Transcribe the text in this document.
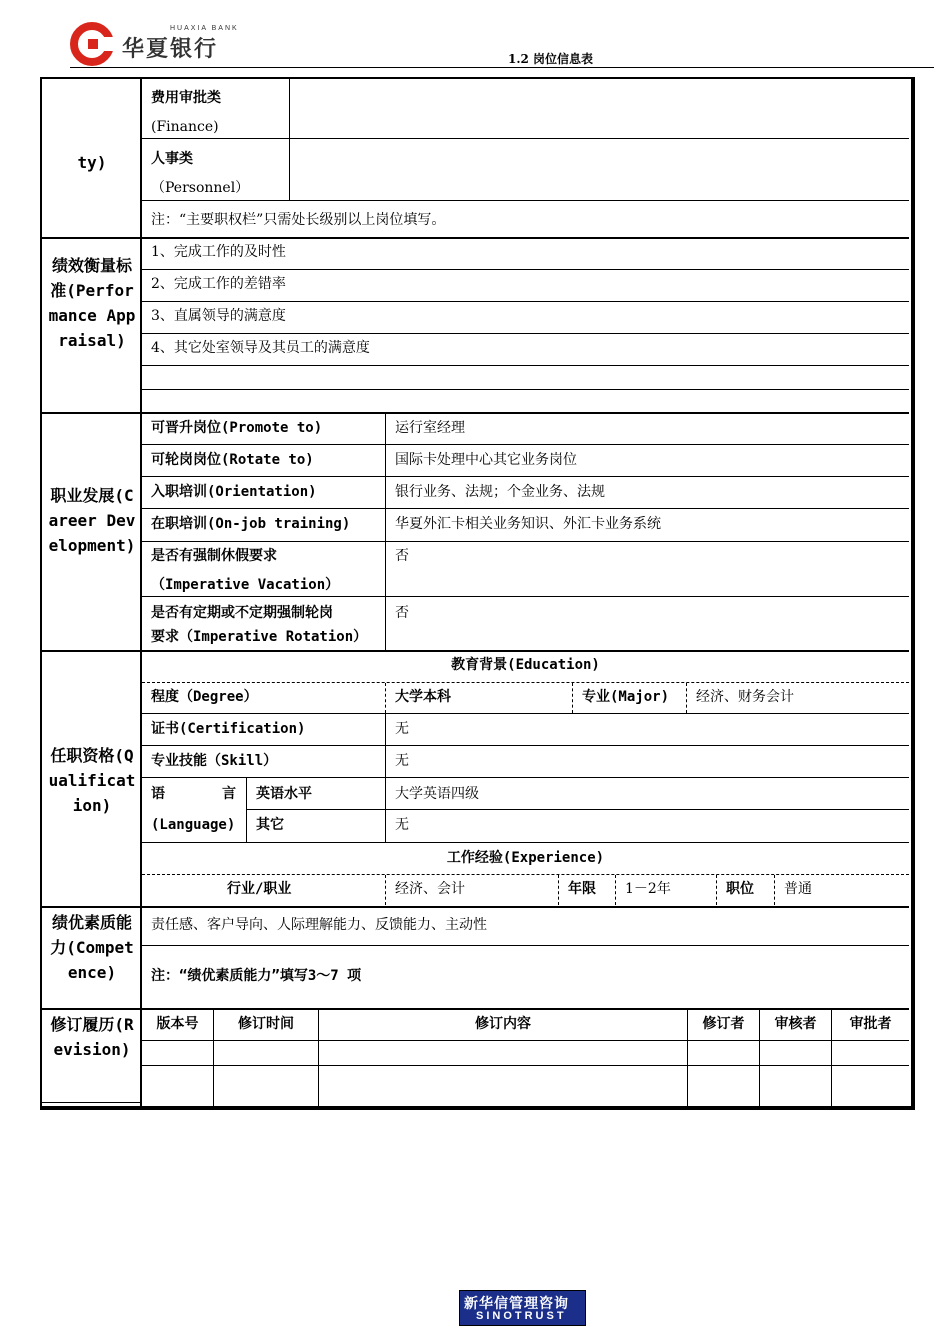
HUAXIA BANK
华夏银行	1.2 岗位信息表
ty)
费用审批类
(Finance)
人事类
（Personnel）
注：“主要职权栏”只需处长级别以上岗位填写。
绩效衡量标准(Performance Appraisal)
1、完成工作的及时性
2、完成工作的差错率
3、直属领导的满意度
4、其它处室领导及其员工的满意度
职业发展(Career Development)
可晋升岗位(Promote to)	运行室经理
可轮岗岗位(Rotate to)	国际卡处理中心其它业务岗位
入职培训(Orientation)	银行业务、法规；个金业务、法规
在职培训(On-job training)	华夏外汇卡相关业务知识、外汇卡业务系统
是否有强制休假要求
（Imperative Vacation）
否
是否有定期或不定期强制轮岗
要求（Imperative Rotation）
否
任职资格(Qualification)
教育背景(Education)
程度（Degree）	大学本科	专业(Major) 经济、财务会计
证书(Certification)	无
专业技能（Skill）	无
语	言
(Language)
英语水平	大学英语四级
其它	无
工作经验(Experience)
行业/职业	经济、会计	年限 1－2年	职位 普通
绩优素质能力(Competence)
责任感、客户导向、人际理解能力、反馈能力、主动性
注：“绩优素质能力”填写3～7 项
修订履历(Revision)
版本号	修订时间	修订内容	修订者	审核者	审批者
新华信管理咨询
SINOTRUST
